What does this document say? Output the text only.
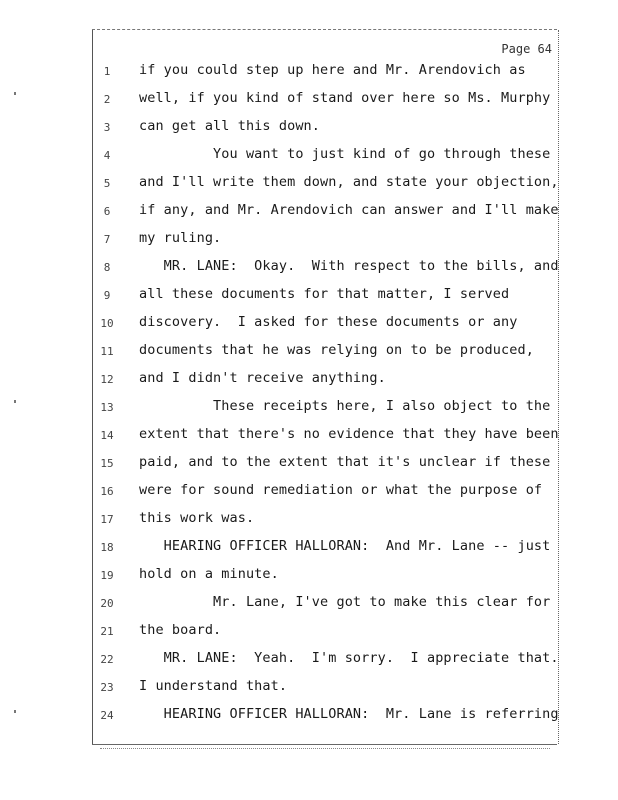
Page 64
1	if you could step up here and Mr. Arendovich as
2	well, if you kind of stand over here so Ms. Murphy
3	can get all this down.
4	You want to just kind of go through these
5	and I'll write them down, and state your objection,
6	if any, and Mr. Arendovich can answer and I'll make
7	my ruling.
8	MR. LANE:  Okay.  With respect to the bills, and
9	all these documents for that matter, I served
10	discovery.  I asked for these documents or any
11	documents that he was relying on to be produced,
12	and I didn't receive anything.
13	These receipts here, I also object to the
14	extent that there's no evidence that they have been
15	paid, and to the extent that it's unclear if these
16	were for sound remediation or what the purpose of
17	this work was.
18	HEARING OFFICER HALLORAN:  And Mr. Lane -- just
19	hold on a minute.
20	Mr. Lane, I've got to make this clear for
21	the board.
22	MR. LANE:  Yeah.  I'm sorry.  I appreciate that.
23	I understand that.
24	HEARING OFFICER HALLORAN:  Mr. Lane is referring
